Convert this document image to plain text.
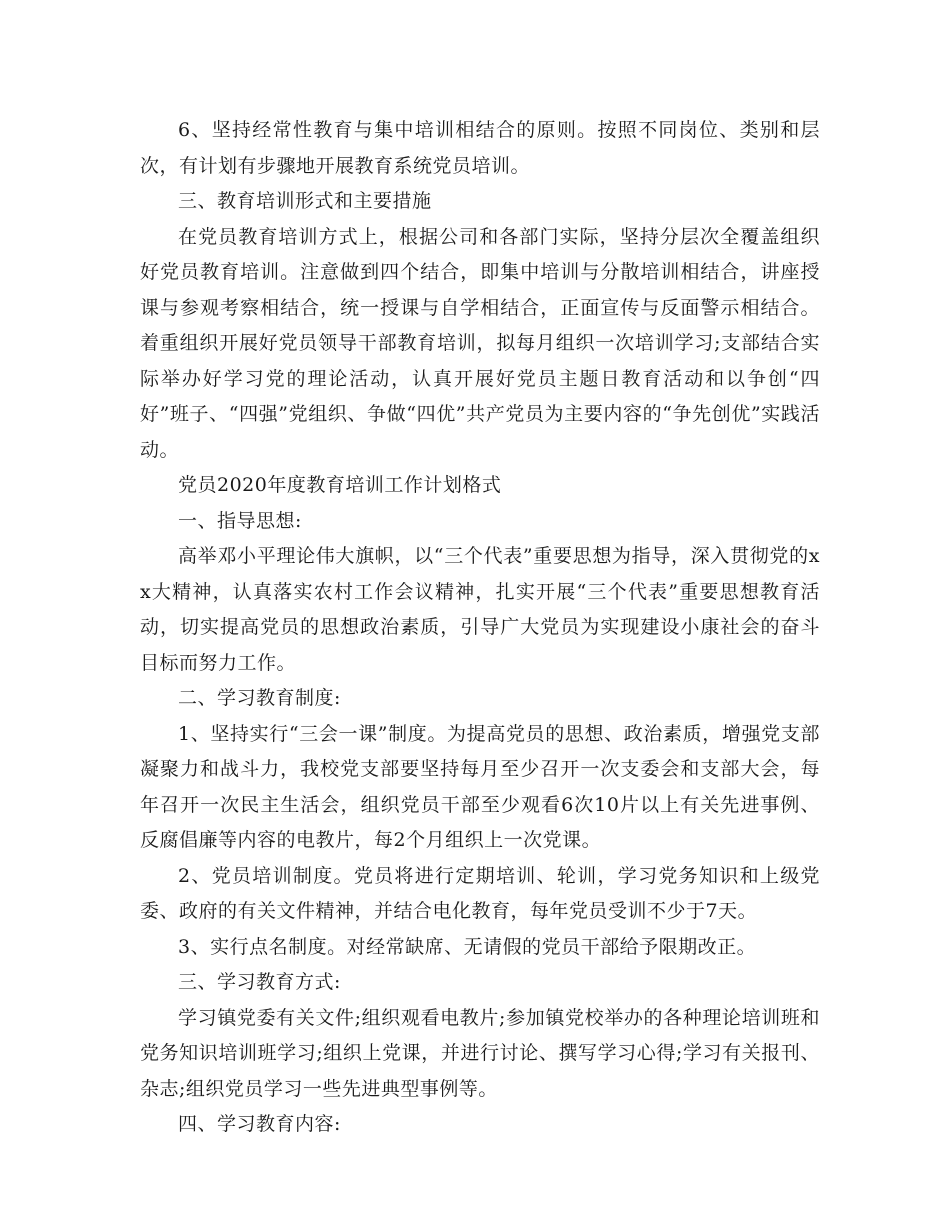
6、坚持经常性教育与集中培训相结合的原则。按照不同岗位、类别和层次，有计划有步骤地开展教育系统党员培训。

三、教育培训形式和主要措施

在党员教育培训方式上，根据公司和各部门实际，坚持分层次全覆盖组织好党员教育培训。注意做到四个结合，即集中培训与分散培训相结合，讲座授课与参观考察相结合，统一授课与自学相结合，正面宣传与反面警示相结合。着重组织开展好党员领导干部教育培训，拟每月组织一次培训学习;支部结合实际举办好学习党的理论活动，认真开展好党员主题日教育活动和以争创“四好”班子、“四强”党组织、争做“四优”共产党员为主要内容的“争先创优”实践活动。

党员2020年度教育培训工作计划格式

一、指导思想:

高举邓小平理论伟大旗帜，以“三个代表”重要思想为指导，深入贯彻党的xx大精神，认真落实农村工作会议精神，扎实开展“三个代表”重要思想教育活动，切实提高党员的思想政治素质，引导广大党员为实现建设小康社会的奋斗目标而努力工作。

二、学习教育制度:

1、坚持实行“三会一课”制度。为提高党员的思想、政治素质，增强党支部凝聚力和战斗力，我校党支部要坚持每月至少召开一次支委会和支部大会，每年召开一次民主生活会，组织党员干部至少观看6次10片以上有关先进事例、反腐倡廉等内容的电教片，每2个月组织上一次党课。

2、党员培训制度。党员将进行定期培训、轮训，学习党务知识和上级党委、政府的有关文件精神，并结合电化教育，每年党员受训不少于7天。

3、实行点名制度。对经常缺席、无请假的党员干部给予限期改正。

三、学习教育方式:

学习镇党委有关文件;组织观看电教片;参加镇党校举办的各种理论培训班和党务知识培训班学习;组织上党课，并进行讨论、撰写学习心得;学习有关报刊、杂志;组织党员学习一些先进典型事例等。

四、学习教育内容:
